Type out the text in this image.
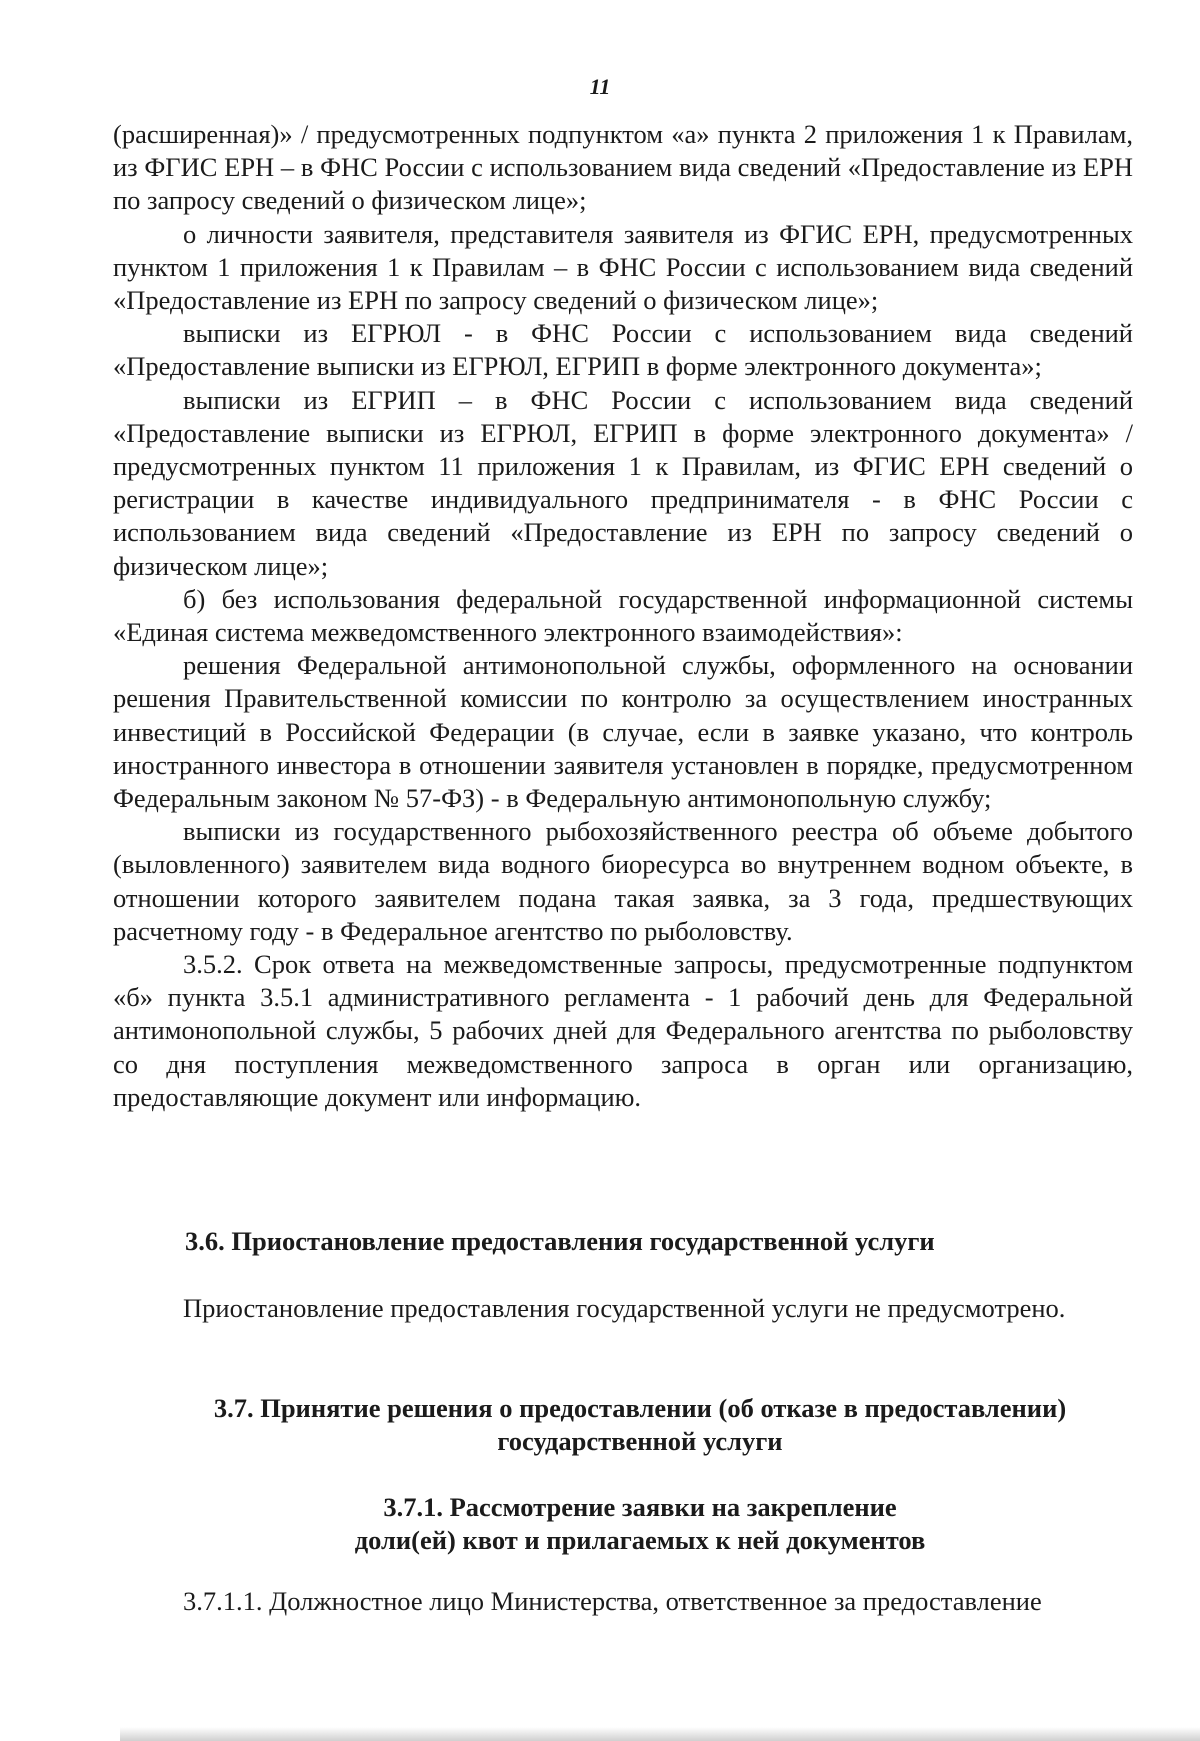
11

(расширенная)» / предусмотренных подпунктом «а» пункта 2 приложения 1 к Правилам, из ФГИС ЕРН – в ФНС России с использованием вида сведений «Предоставление из ЕРН по запросу сведений о физическом лице»;

о личности заявителя, представителя заявителя из ФГИС ЕРН, предусмотренных пунктом 1 приложения 1 к Правилам – в ФНС России с использованием вида сведений «Предоставление из ЕРН по запросу сведений о физическом лице»;

выписки из ЕГРЮЛ - в ФНС России с использованием вида сведений «Предоставление выписки из ЕГРЮЛ, ЕГРИП в форме электронного документа»;

выписки из ЕГРИП – в ФНС России с использованием вида сведений «Предоставление выписки из ЕГРЮЛ, ЕГРИП в форме электронного документа» / предусмотренных пунктом 11 приложения 1 к Правилам, из ФГИС ЕРН сведений о регистрации в качестве индивидуального предпринимателя - в ФНС России с использованием вида сведений «Предоставление из ЕРН по запросу сведений о физическом лице»;

б) без использования федеральной государственной информационной системы «Единая система межведомственного электронного взаимодействия»:

решения Федеральной антимонопольной службы, оформленного на основании решения Правительственной комиссии по контролю за осуществлением иностранных инвестиций в Российской Федерации (в случае, если в заявке указано, что контроль иностранного инвестора в отношении заявителя установлен в порядке, предусмотренном Федеральным законом № 57-ФЗ) - в Федеральную антимонопольную службу;

выписки из государственного рыбохозяйственного реестра об объеме добытого (выловленного) заявителем вида водного биоресурса во внутреннем водном объекте, в отношении которого заявителем подана такая заявка, за 3 года, предшествующих расчетному году - в Федеральное агентство по рыболовству.

3.5.2. Срок ответа на межведомственные запросы, предусмотренные подпунктом «б» пункта 3.5.1 административного регламента - 1 рабочий день для Федеральной антимонопольной службы, 5 рабочих дней для Федерального агентства по рыболовству со дня поступления межведомственного запроса в орган или организацию, предоставляющие документ или информацию.

3.6. Приостановление предоставления государственной услуги

Приостановление предоставления государственной услуги не предусмотрено.

3.7. Принятие решения о предоставлении (об отказе в предоставлении)
государственной услуги
3.7.1. Рассмотрение заявки на закрепление
доли(ей) квот и прилагаемых к ней документов

3.7.1.1. Должностное лицо Министерства, ответственное за предоставление
